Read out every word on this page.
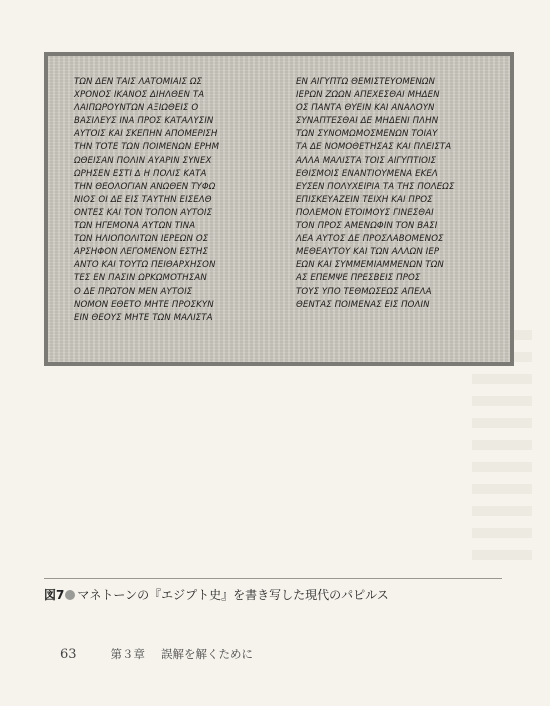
ΤΩΝ ΔΕΝ ΤΑΙΣ ΛΑΤΟΜΙΑΙΣ ΩΣ
ΧΡΟΝΟΣ ΙΚΑΝΟΣ ΔΙΗΛΘΕΝ ΤΑ
ΛΑΙΠΩΡΟΥΝΤΩΝ ΑΞΙΩΘΕΙΣ Ο
ΒΑΣΙΛΕΥΣ ΙΝΑ ΠΡΟΣ ΚΑΤΑΛΥΣΙΝ
ΑΥΤΟΙΣ ΚΑΙ ΣΚΕΠΗΝ ΑΠΟΜΕΡΙΣΗ
ΤΗΝ ΤΟΤΕ ΤΩΝ ΠΟΙΜΕΝΩΝ ΕΡΗΜ
ΩΘΕΙΣΑΝ ΠΟΛΙΝ ΑΥΑΡΙΝ ΣΥΝΕΧ
ΩΡΗΣΕΝ ΕΣΤΙ Δ Η ΠΟΛΙΣ ΚΑΤΑ
ΤΗΝ ΘΕΟΛΟΓΙΑΝ ΑΝΩΘΕΝ ΤΥΦΩ
ΝΙΟΣ ΟΙ ΔΕ ΕΙΣ ΤΑΥΤΗΝ ΕΙΣΕΛΘ
ΟΝΤΕΣ ΚΑΙ ΤΟΝ ΤΟΠΟΝ ΑΥΤΟΙΣ
ΤΩΝ ΗΓΕΜΟΝΑ ΑΥΤΩΝ ΤΙΝΑ
ΤΩΝ ΗΛΙΟΠΟΛΙΤΩΝ ΙΕΡΕΩΝ ΟΣ
ΑΡΣΗΦΟΝ ΛΕΓΟΜΕΝΟΝ ΕΣΤΗΣ
ΑΝΤΟ ΚΑΙ ΤΟΥΤΩ ΠΕΙΘΑΡΧΗΣΟΝ
ΤΕΣ ΕΝ ΠΑΣΙΝ ΩΡΚΩΜΟΤΗΣΑΝ
Ο ΔΕ ΠΡΩΤΟΝ ΜΕΝ ΑΥΤΟΙΣ
ΝΟΜΟΝ ΕΘΕΤΟ ΜΗΤΕ ΠΡΟΣΚΥΝ
ΕΙΝ ΘΕΟΥΣ ΜΗΤΕ ΤΩΝ ΜΑΛΙΣΤΑ
ΕΝ ΑΙΓΥΠΤΩ ΘΕΜΙΣΤΕΥΟΜΕΝΩΝ
ΙΕΡΩΝ ΖΩΩΝ ΑΠΕΧΕΣΘΑΙ ΜΗΔΕΝ
ΟΣ ΠΑΝΤΑ ΘΥΕΙΝ ΚΑΙ ΑΝΑΛΟΥΝ
ΣΥΝΑΠΤΕΣΘΑΙ ΔΕ ΜΗΔΕΝΙ ΠΛΗΝ
ΤΩΝ ΣΥΝΟΜΩΜΟΣΜΕΝΩΝ ΤΟΙΑΥ
ΤΑ ΔΕ ΝΟΜΟΘΕΤΗΣΑΣ ΚΑΙ ΠΛΕΙΣΤΑ
ΑΛΛΑ ΜΑΛΙΣΤΑ ΤΟΙΣ ΑΙΓΥΠΤΙΟΙΣ
ΕΘΙΣΜΟΙΣ ΕΝΑΝΤΙΟΥΜΕΝΑ ΕΚΕΛ
ΕΥΣΕΝ ΠΟΛΥΧΕΙΡΙΑ ΤΑ ΤΗΣ ΠΟΛΕΩΣ
ΕΠΙΣΚΕΥΑΖΕΙΝ ΤΕΙΧΗ ΚΑΙ ΠΡΟΣ
ΠΟΛΕΜΟΝ ΕΤΟΙΜΟΥΣ ΓΙΝΕΣΘΑΙ
ΤΟΝ ΠΡΟΣ ΑΜΕΝΩΦΙΝ ΤΟΝ ΒΑΣΙ
ΛΕΑ ΑΥΤΟΣ ΔΕ ΠΡΟΣΛΑΒΟΜΕΝΟΣ
ΜΕΘΕΑΥΤΟΥ ΚΑΙ ΤΩΝ ΑΛΛΩΝ ΙΕΡ
ΕΩΝ ΚΑΙ ΣΥΜΜΕΜΙΑΜΜΕΝΩΝ ΤΩΝ
ΑΣ ΕΠΕΜΨΕ ΠΡΕΣΒΕΙΣ ΠΡΟΣ
ΤΟΥΣ ΥΠΟ ΤΕΘΜΩΣΕΩΣ ΑΠΕΛΑ
ΘΕΝΤΑΣ ΠΟΙΜΕΝΑΣ ΕΙΣ ΠΟΛΙΝ
図7 マネトーンの『エジプト史』を書き写した現代のパピルス
63	第３章 誤解を解くために
